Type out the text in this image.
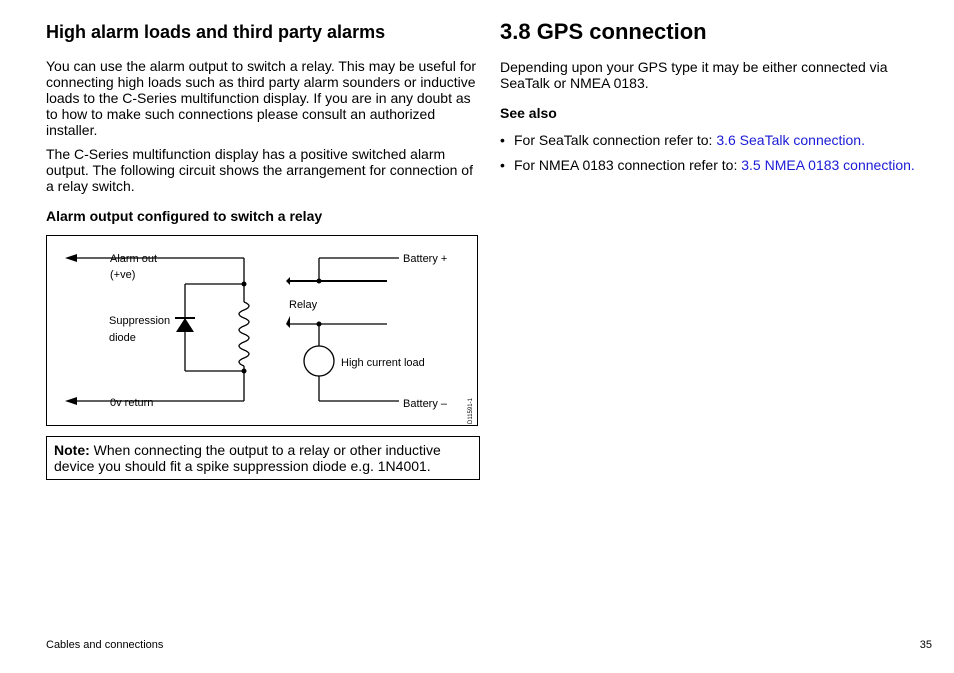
High alarm loads and third party alarms

You can use the alarm output to switch a relay. This may be useful for connecting high loads such as third party alarm sounders or inductive loads to the C-Series multifunction display. If you are in any doubt as to how to make such connections please consult an authorized installer.

The C-Series multifunction display has a positive switched alarm output. The following circuit shows the arrangement for connection of a relay switch.

Alarm output configured to switch a relay
Alarm out
(+ve)
Suppression
diode
0v return
Battery +
Relay
High current load
Battery –	D11591-1
Note: When connecting the output to a relay or other inductive device you should fit a spike suppression diode e.g. 1N4001.
3.8 GPS connection

Depending upon your GPS type it may be either connected via SeaTalk or NMEA 0183.

See also
• For SeaTalk connection refer to: 3.6 SeaTalk connection.
• For NMEA 0183 connection refer to: 3.5 NMEA 0183 connection.
Cables and connections	35
